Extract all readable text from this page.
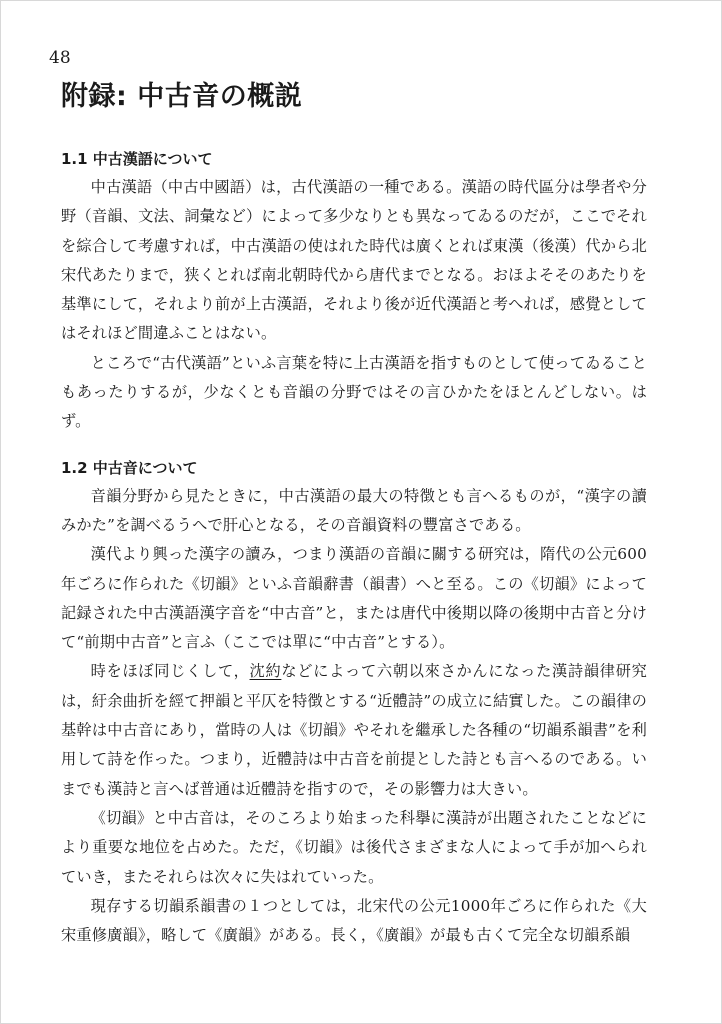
48
附録: 中古音の概説
1.1 中古漢語について

中古漢語（中古中國語）は，古代漢語の一種である。漢語の時代區分は學者や分野（音韻、文法、詞彙など）によって多少なりとも異なってゐるのだが，ここでそれを綜合して考慮すれば，中古漢語の使はれた時代は廣くとれば東漢（後漢）代から北宋代あたりまで，狭くとれば南北朝時代から唐代までとなる。おほよそそのあたりを基準にして，それより前が上古漢語，それより後が近代漢語と考へれば，感覺としてはそれほど間違ふことはない。

ところで“古代漢語”といふ言葉を特に上古漢語を指すものとして使ってゐることもあったりするが，少なくとも音韻の分野ではその言ひかたをほとんどしない。はず。

1.2 中古音について

音韻分野から見たときに，中古漢語の最大の特徴とも言へるものが，“漢字の讀みかた”を調べるうへで肝心となる，その音韻資料の豐富さである。

漢代より興った漢字の讀み，つまり漢語の音韻に關する研究は，隋代の公元600年ごろに作られた《切韻》といふ音韻辭書（韻書）へと至る。この《切韻》によって記録された中古漢語漢字音を“中古音”と，または唐代中後期以降の後期中古音と分けて“前期中古音”と言ふ（ここでは單に“中古音”とする）。

時をほぼ同じくして，沈約などによって六朝以來さかんになった漢詩韻律研究は，紆余曲折を經て押韻と平仄を特徴とする“近體詩”の成立に結實した。この韻律の基幹は中古音にあり，當時の人は《切韻》やそれを繼承した各種の“切韻系韻書”を利用して詩を作った。つまり，近體詩は中古音を前提とした詩とも言へるのである。いまでも漢詩と言へば普通は近體詩を指すので，その影響力は大きい。

《切韻》と中古音は，そのころより始まった科擧に漢詩が出題されたことなどにより重要な地位を占めた。ただ，《切韻》は後代さまざまな人によって手が加へられていき，またそれらは次々に失はれていった。

現存する切韻系韻書の１つとしては，北宋代の公元1000年ごろに作られた《大宋重修廣韻》，略して《廣韻》がある。長く，《廣韻》が最も古くて完全な切韻系韻
